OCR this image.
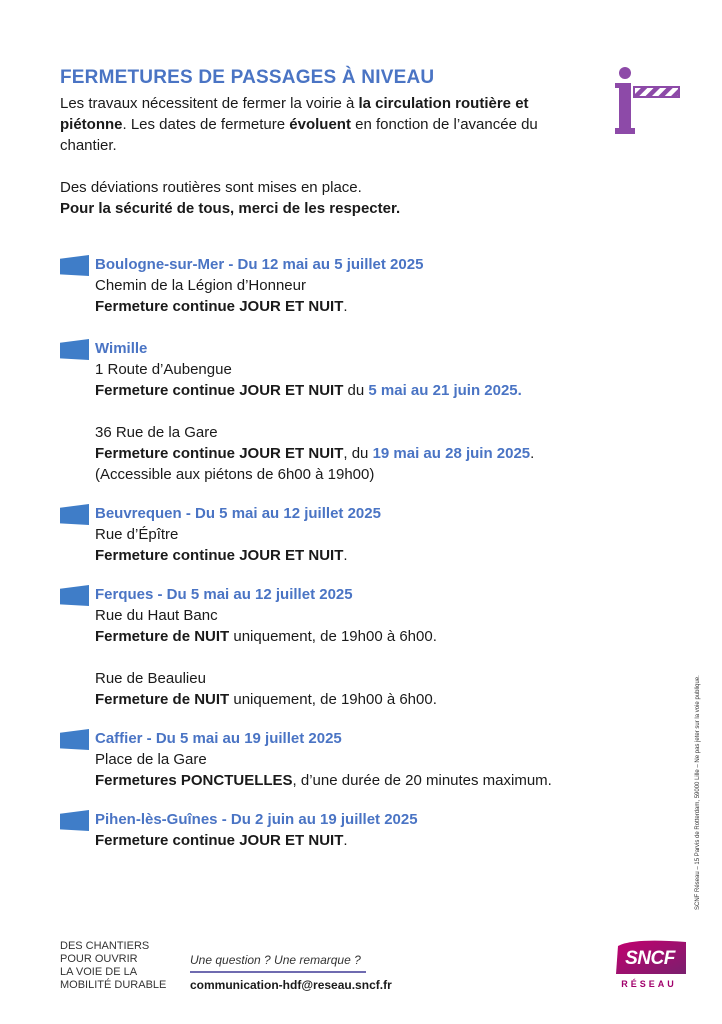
FERMETURES DE PASSAGES À NIVEAU

Les travaux nécessitent de fermer la voirie à la circulation routière et piétonne. Les dates de fermeture évoluent en fonction de l’avancée du chantier.

Des déviations routières sont mises en place.

Pour la sécurité de tous, merci de les respecter.

Boulogne-sur-Mer - Du 12 mai au 5 juillet 2025

Chemin de la Légion d’Honneur

Fermeture continue JOUR ET NUIT.

Wimille

1 Route d’Aubengue

Fermeture continue JOUR ET NUIT du 5 mai au 21 juin 2025.

36 Rue de la Gare

Fermeture continue JOUR ET NUIT, du 19 mai au 28 juin 2025.

(Accessible aux piétons de 6h00 à 19h00)

Beuvrequen - Du 5 mai au 12 juillet 2025

Rue d’Épître

Fermeture continue JOUR ET NUIT.

Ferques - Du 5 mai au 12 juillet 2025

Rue du Haut Banc

Fermeture de NUIT uniquement, de 19h00 à 6h00.

Rue de Beaulieu

Fermeture de NUIT uniquement, de 19h00 à 6h00.

Caffier - Du 5 mai au 19 juillet 2025

Place de la Gare

Fermetures PONCTUELLES, d’une durée de 20 minutes maximum.

Pihen-lès-Guînes - Du 2 juin au 19 juillet 2025

Fermeture continue JOUR ET NUIT.	SCNF Réseau – 15 Parvis de Rotterdam, 59000 Lille – Ne pas jeter sur la voie publique.
DES CHANTIERS
POUR OUVRIR
LA VOIE DE LA
MOBILITÉ DURABLE
Une question ? Une remarque ?
communication-hdf@reseau.sncf.fr
SNCF
RÉSEAU
